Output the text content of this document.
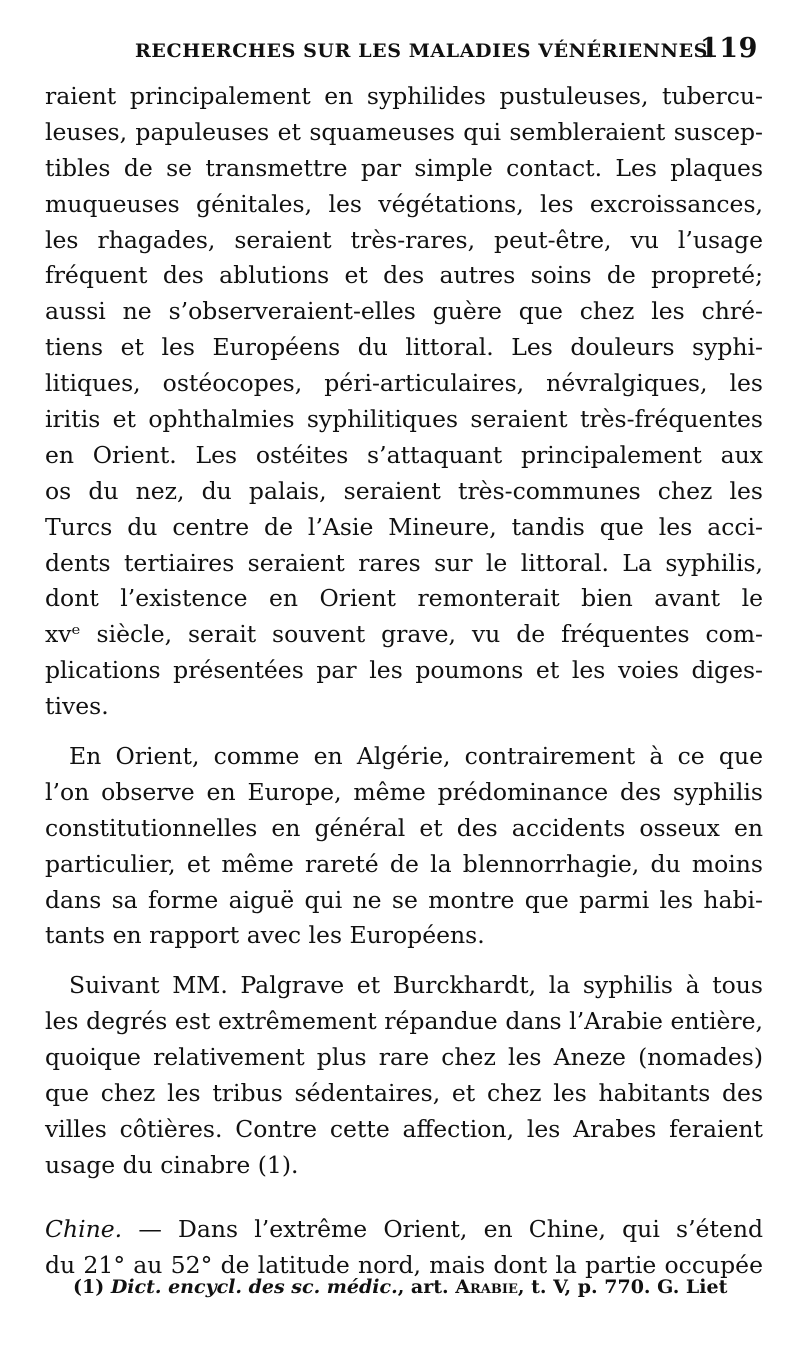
RECHERCHES SUR LES MALADIES VÉNÉRIENNES.
119
raient principalement en syphilides pustuleuses, tubercu-
leuses, papuleuses et squameuses qui sembleraient suscep-
tibles de se transmettre par simple contact. Les plaques
muqueuses génitales, les végétations, les excroissances,
les rhagades, seraient très-rares, peut-être, vu l’usage
fréquent des ablutions et des autres soins de propreté;
aussi ne s’observeraient-elles guère que chez les chré-
tiens et les Européens du littoral. Les douleurs syphi-
litiques, ostéocopes, péri-articulaires, névralgiques, les
iritis et ophthalmies syphilitiques seraient très-fréquentes
en Orient. Les ostéites s’attaquant principalement aux
os du nez, du palais, seraient très-communes chez les
Turcs du centre de l’Asie Mineure, tandis que les acci-
dents tertiaires seraient rares sur le littoral. La syphilis,
dont l’existence en Orient remonterait bien avant le
xvᵉ siècle, serait souvent grave, vu de fréquentes com-
plications présentées par les poumons et les voies diges-
tives.
En Orient, comme en Algérie, contrairement à ce que
l’on observe en Europe, même prédominance des syphilis
constitutionnelles en général et des accidents osseux en
particulier, et même rareté de la blennorrhagie, du moins
dans sa forme aiguë qui ne se montre que parmi les habi-
tants en rapport avec les Européens.
Suivant MM. Palgrave et Burckhardt, la syphilis à tous
les degrés est extrêmement répandue dans l’Arabie entière,
quoique relativement plus rare chez les Aneze (nomades)
que chez les tribus sédentaires, et chez les habitants des
villes côtières. Contre cette affection, les Arabes feraient
usage du cinabre (1).
Chine. — Dans l’extrême Orient, en Chine, qui s’étend
du 21° au 52° de latitude nord, mais dont la partie occupée
(1) Dict. encycl. des sc. médic., art. Arabie, t. V, p. 770. G. Liet
